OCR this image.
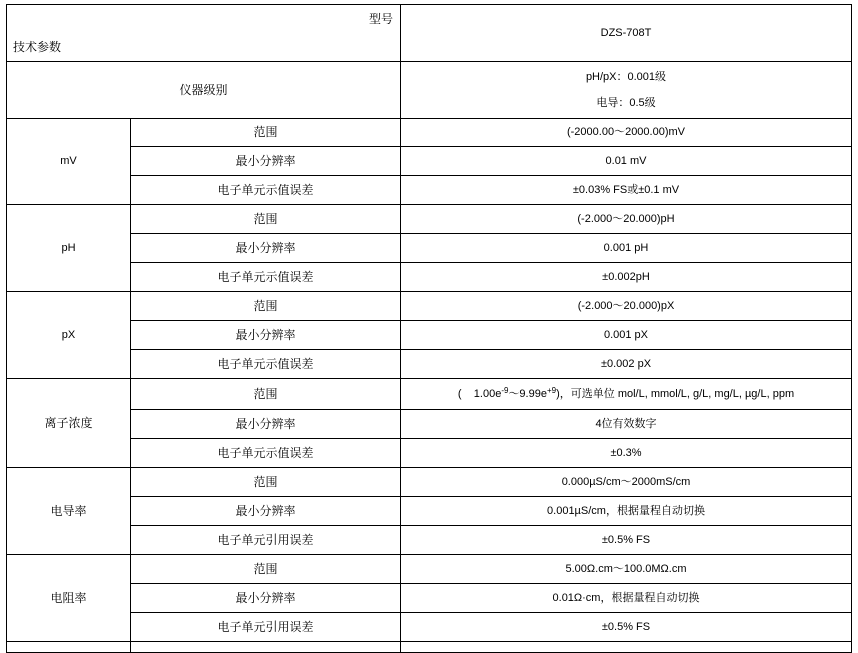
型号
技术参数		DZS-708T
仪器级别		pH/pX：0.001级
电导：0.5级

mV	范围	(-2000.00～2000.00)mV
	最小分辨率	0.01 mV
	电子单元示值误差	±0.03% FS或±0.1 mV
pH	范围	(-2.000～20.000)pH
	最小分辨率	0.001 pH
	电子单元示值误差	±0.002pH
pX	范围	(-2.000～20.000)pX
	最小分辨率	0.001 pX
	电子单元示值误差	±0.002 pX
离子浓度	范围	(    $1.00e^{-9}\sim 9.99e^{+9}$)，可选单位 mol/L, mmol/L, g/L, mg/L, µg/L, ppm
	最小分辨率	4位有效数字
	电子单元示值误差	±0.3%
电导率	范围	0.000µS/cm～2000mS/cm
	最小分辨率	0.001µS/cm，根据量程自动切换
	电子单元引用误差	±0.5% FS
电阻率	范围	5.00Ω.cm～100.0MΩ.cm
	最小分辨率	0.01Ω·cm，根据量程自动切换
	电子单元引用误差	±0.5% FS
